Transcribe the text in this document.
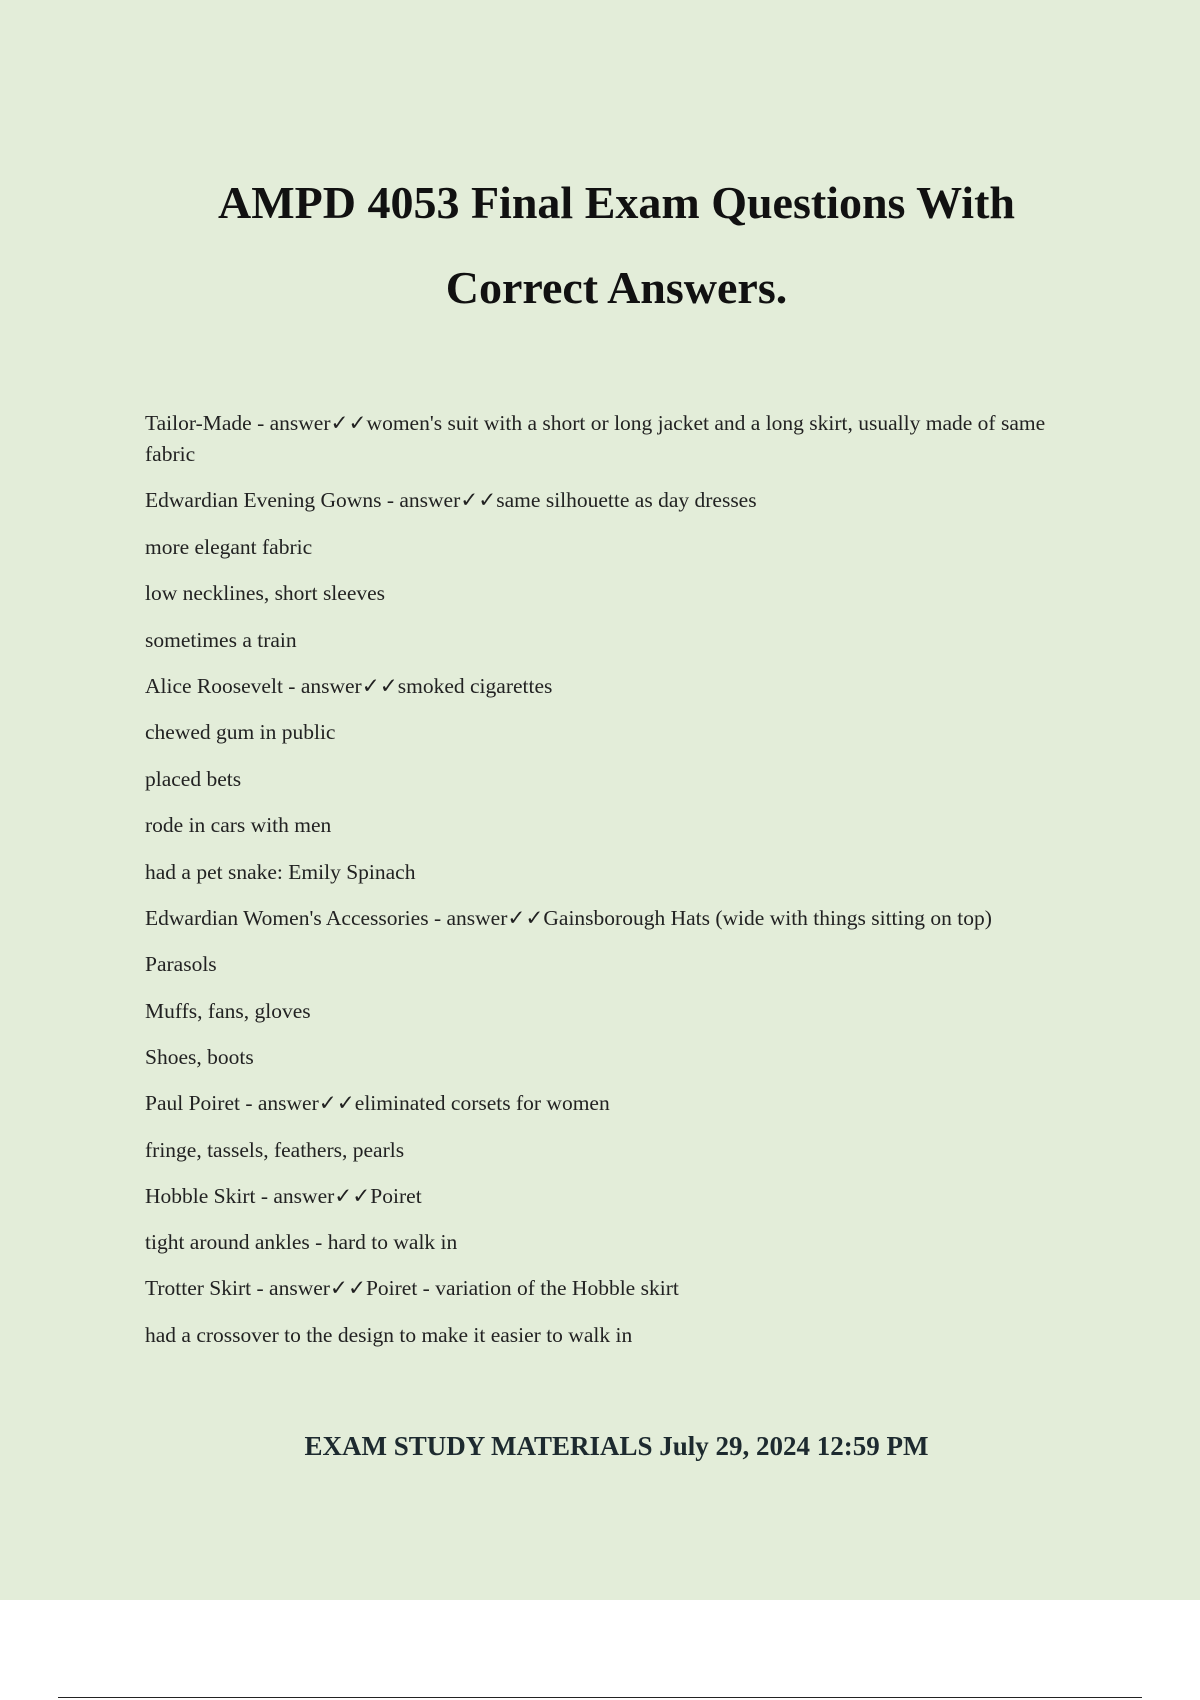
AMPD 4053 Final Exam Questions With
Correct Answers.

Tailor-Made - answer✓✓women's suit with a short or long jacket and a long skirt, usually made of same fabric

Edwardian Evening Gowns - answer✓✓same silhouette as day dresses

more elegant fabric

low necklines, short sleeves

sometimes a train

Alice Roosevelt - answer✓✓smoked cigarettes

chewed gum in public

placed bets

rode in cars with men

had a pet snake: Emily Spinach

Edwardian Women's Accessories - answer✓✓Gainsborough Hats (wide with things sitting on top)

Parasols

Muffs, fans, gloves

Shoes, boots

Paul Poiret - answer✓✓eliminated corsets for women

fringe, tassels, feathers, pearls

Hobble Skirt - answer✓✓Poiret

tight around ankles - hard to walk in

Trotter Skirt - answer✓✓Poiret - variation of the Hobble skirt

had a crossover to the design to make it easier to walk in

EXAM STUDY MATERIALS July 29, 2024 12:59 PM
